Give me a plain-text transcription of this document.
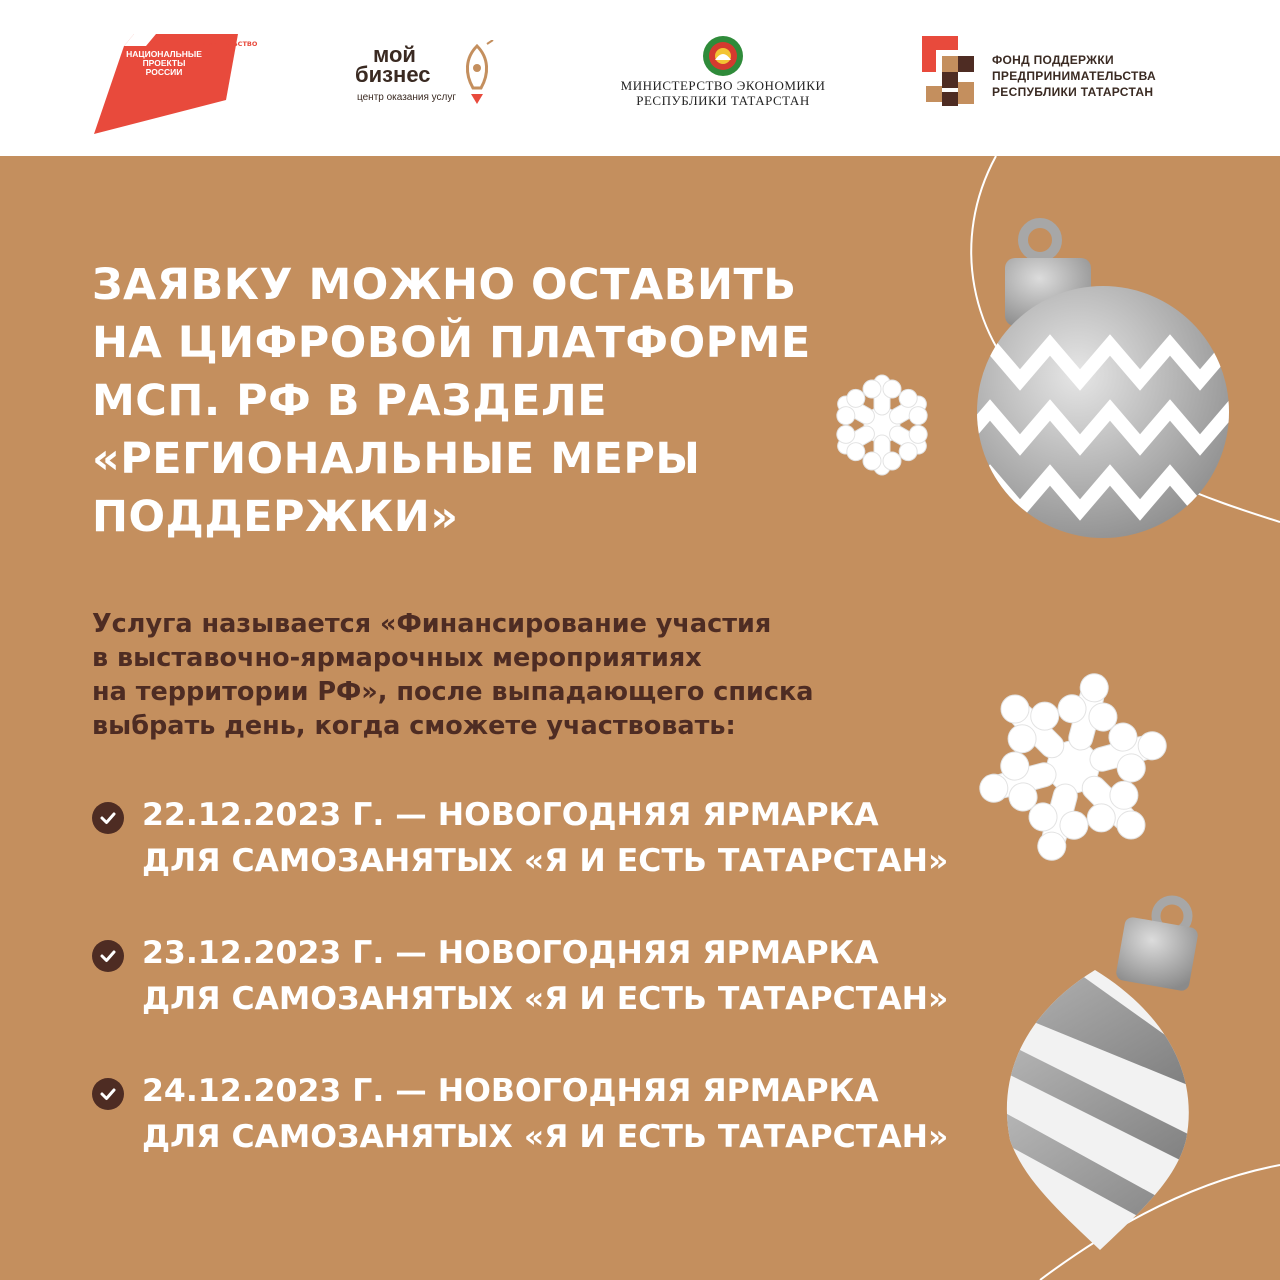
МАЛОЕ И СРЕДНЕЕ ПРЕДПРИНИМАТЕЛЬСТВО
НАЦИОНАЛЬНЫЕ ПРОЕКТЫ РОССИИ
мой
бизнес
центр оказания услуг
МИНИСТЕРСТВО ЭКОНОМИКИ
РЕСПУБЛИКИ ТАТАРСТАН
ФОНД ПОДДЕРЖКИ
ПРЕДПРИНИМАТЕЛЬСТВА
РЕСПУБЛИКИ ТАТАРСТАН
ЗАЯВКУ МОЖНО ОСТАВИТЬ
НА ЦИФРОВОЙ ПЛАТФОРМЕ
МСП. РФ В РАЗДЕЛЕ
«РЕГИОНАЛЬНЫЕ МЕРЫ
ПОДДЕРЖКИ»

Услуга называется «Финансирование участия
в выставочно-ярмарочных мероприятиях
на территории РФ», после выпадающего списка
выбрать день, когда сможете участвовать:

22.12.2023 Г. — НОВОГОДНЯЯ ЯРМАРКА
ДЛЯ САМОЗАНЯТЫХ «Я И ЕСТЬ ТАТАРСТАН»
23.12.2023 Г. — НОВОГОДНЯЯ ЯРМАРКА
ДЛЯ САМОЗАНЯТЫХ «Я И ЕСТЬ ТАТАРСТАН»
24.12.2023 Г. — НОВОГОДНЯЯ ЯРМАРКА
ДЛЯ САМОЗАНЯТЫХ «Я И ЕСТЬ ТАТАРСТАН»
